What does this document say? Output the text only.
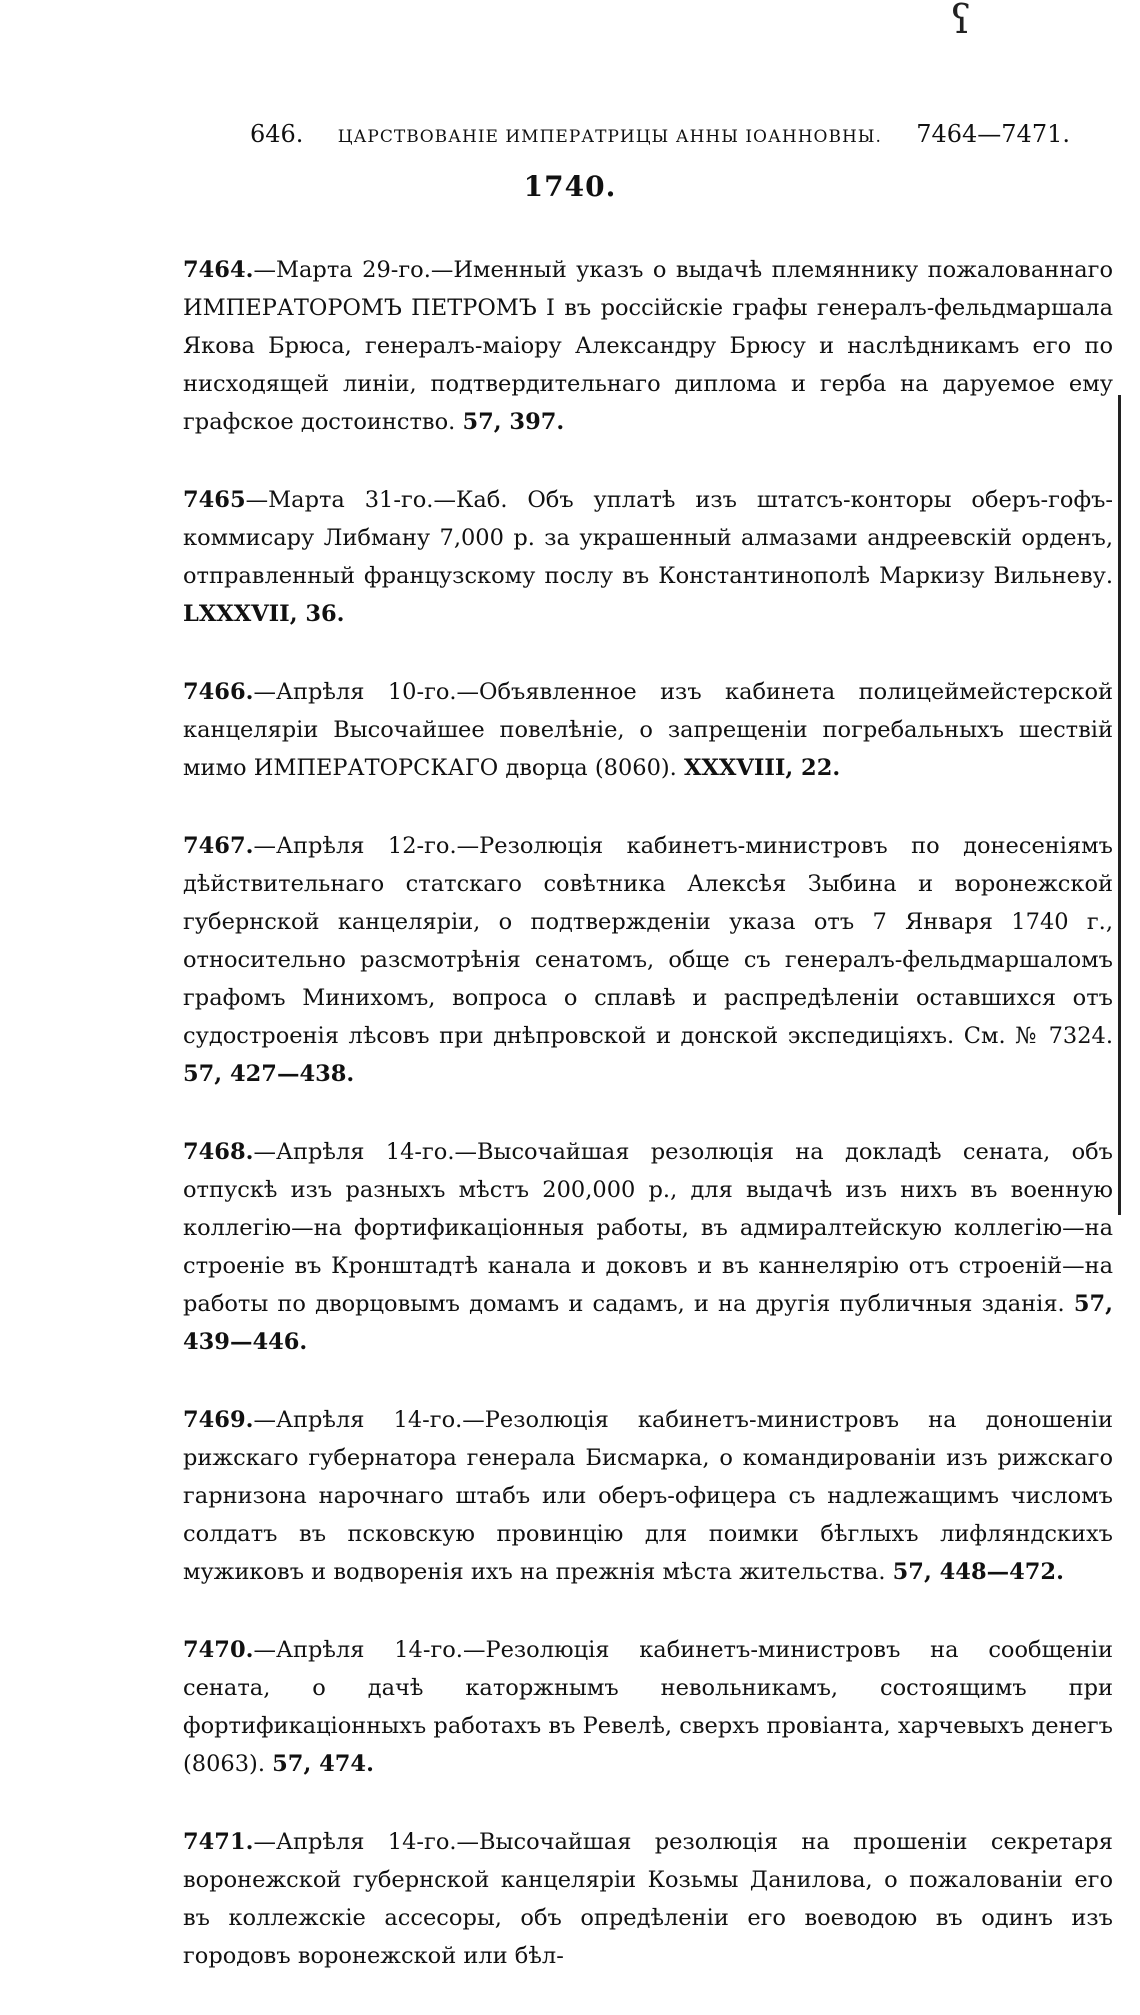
ʕ
646. ЦАРСТВОВАНІЕ ИМПЕРАТРИЦЫ АННЫ ІОАННОВНЫ. 7464—7471.
1740.

7464.—Марта 29-го.—Именный указъ о выдачѣ племяннику пожалованнаго ИМПЕРАТОРОМЪ ПЕТРОМЪ I въ россійскіе графы генералъ-фельдмаршала Якова Брюса, генералъ-маіору Александру Брюсу и наслѣдникамъ его по нисходящей линіи, подтвердительнаго диплома и герба на даруемое ему графское достоинство. 57, 397.

7465—Марта 31-го.—Каб. Объ уплатѣ изъ штатсъ-конторы оберъ-гофъ-коммисару Либману 7,000 р. за украшенный алмазами андреевскій орденъ, отправленный французскому послу въ Константинополѣ Маркизу Вильневу. LXXXVII, 36.

7466.—Апрѣля 10-го.—Объявленное изъ кабинета полицеймейстерской канцеляріи Высочайшее повелѣніе, о запрещеніи погребальныхъ шествій мимо ИМПЕРАТОРСКАГО дворца (8060). XXXVIII, 22.

7467.—Апрѣля 12-го.—Резолюція кабинетъ-министровъ по донесеніямъ дѣйствительнаго статскаго совѣтника Алексѣя Зыбина и воронежской губернской канцеляріи, о подтвержденіи указа отъ 7 Января 1740 г., относительно разсмотрѣнія сенатомъ, обще съ генералъ-фельдмаршаломъ графомъ Минихомъ, вопроса о сплавѣ и распредѣленіи оставшихся отъ судостроенія лѣсовъ при днѣпровской и донской экспедиціяхъ. См. № 7324. 57, 427—438.

7468.—Апрѣля 14-го.—Высочайшая резолюція на докладѣ сената, объ отпускѣ изъ разныхъ мѣстъ 200,000 р., для выдачѣ изъ нихъ въ военную коллегію—на фортификаціонныя работы, въ адмиралтейскую коллегію—на строеніе въ Кронштадтѣ канала и доковъ и въ каннелярію отъ строеній—на работы по дворцовымъ домамъ и садамъ, и на другія публичныя зданія. 57, 439—446.

7469.—Апрѣля 14-го.—Резолюція кабинетъ-министровъ на доношеніи рижскаго губернатора генерала Бисмарка, о командированіи изъ рижскаго гарнизона нарочнаго штабъ или оберъ-офицера съ надлежащимъ числомъ солдатъ въ псковскую провинцію для поимки бѣглыхъ лифляндскихъ мужиковъ и водворенія ихъ на прежнія мѣста жительства. 57, 448—472.

7470.—Апрѣля 14-го.—Резолюція кабинетъ-министровъ на сообщеніи сената, о дачѣ каторжнымъ невольникамъ, состоящимъ при фортификаціонныхъ работахъ въ Ревелѣ, сверхъ провіанта, харчевыхъ денегъ (8063). 57, 474.

7471.—Апрѣля 14-го.—Высочайшая резолюція на прошеніи секретаря воронежской губернской канцеляріи Козьмы Данилова, о пожалованіи его въ коллежскіе ассесоры, объ опредѣленіи его воеводою въ одинъ изъ городовъ воронежской или бѣл-
